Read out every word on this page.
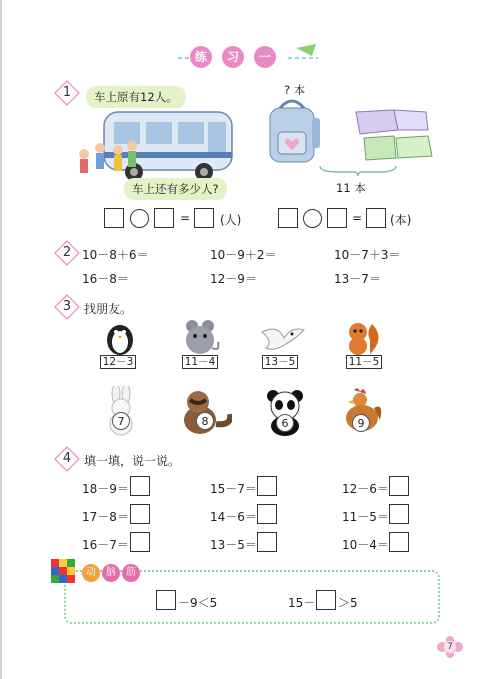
练	习	一
1	车上原有12人。
车上还有多少人?
? 本
11 本
= (人)	= (本)
2 10－8＋6＝	10－9＋2＝	10－7＋3＝
16－8＝	12－9＝	13－7＝
3	找朋友。
12－3	11－4	13－5	11－5
7	8	6	9
4	填一填，说一说。
18－9＝	15－7＝	12－6＝
17－8＝	14－6＝	11－5＝
16－7＝	13－5＝	10－4＝
动	脑	筋
－9＜5	15－ ＞5
7
